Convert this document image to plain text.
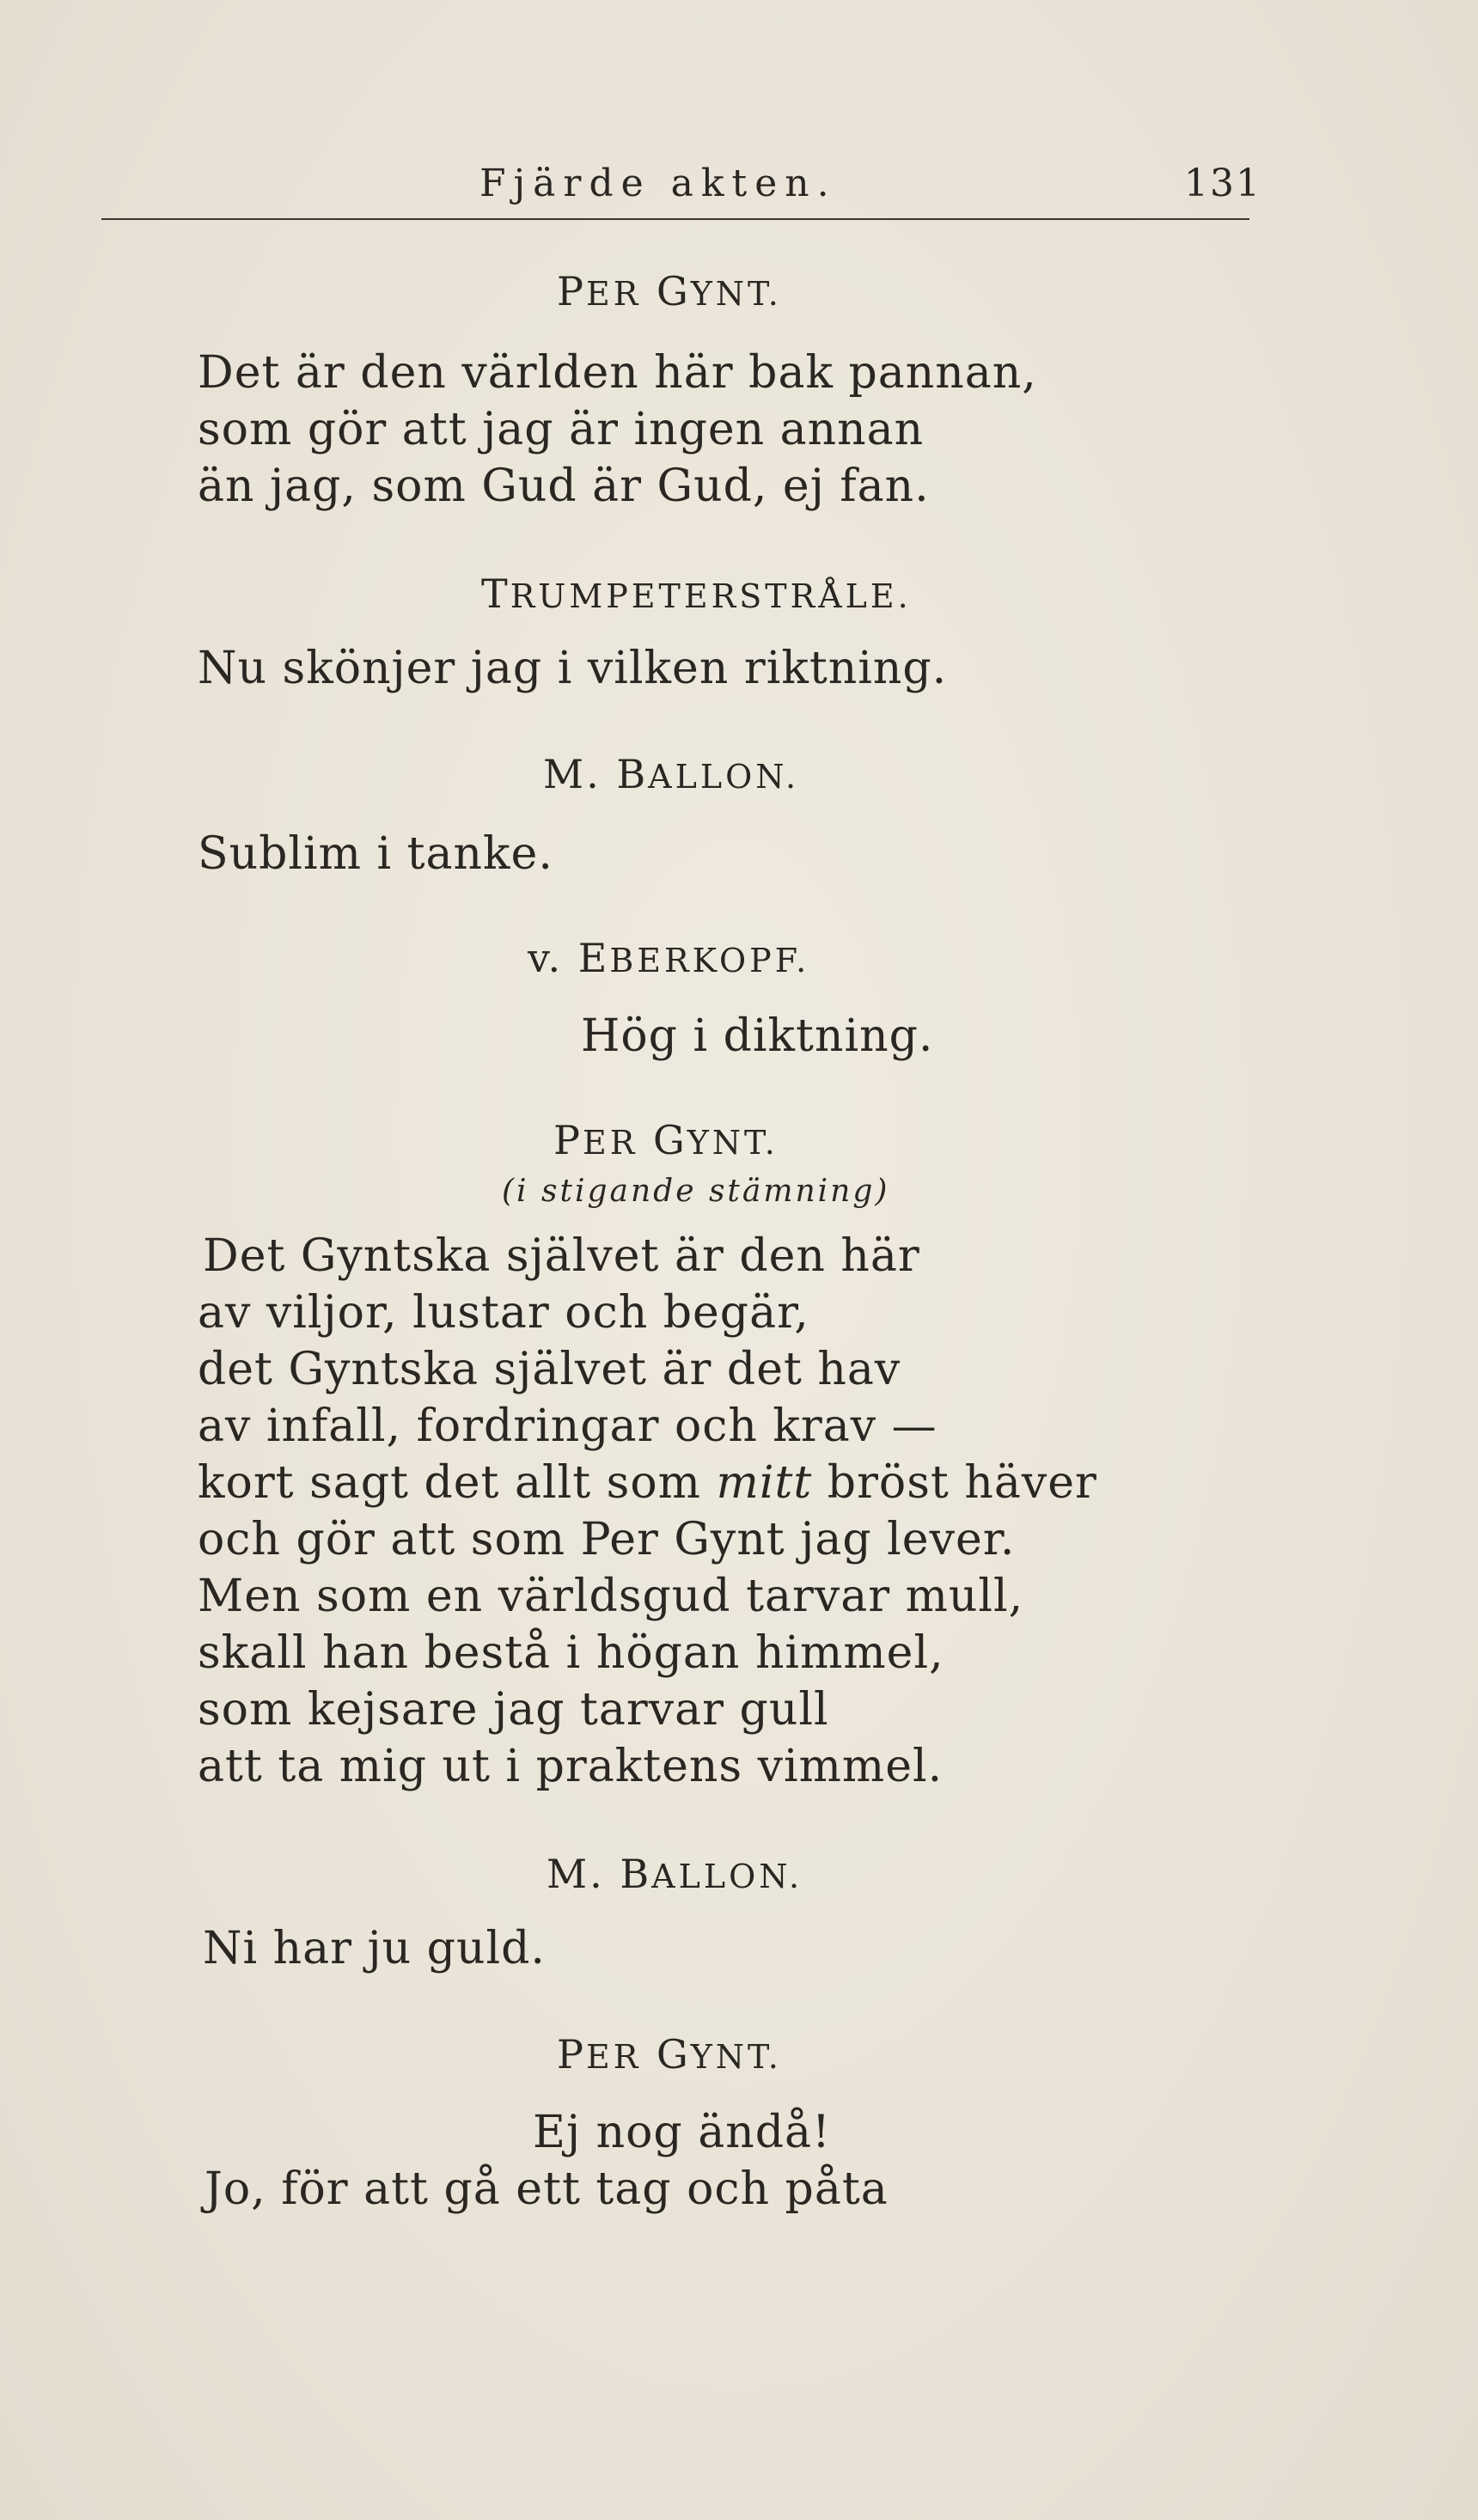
Fjärde akten.	131
PER GYNT.
Det är den världen här bak pannan,
som gör att jag är ingen annan
än jag, som Gud är Gud, ej fan.
TRUMPETERSTRÅLE.
Nu skönjer jag i vilken riktning.
M. BALLON.
Sublim i tanke.
v. EBERKOPF.
Hög i diktning.
PER GYNT.
(i stigande stämning)
Det Gyntska självet är den här
av viljor, lustar och begär,
det Gyntska självet är det hav
av infall, fordringar och krav —
kort sagt det allt som mitt bröst häver
och gör att som Per Gynt jag lever.
Men som en världsgud tarvar mull,
skall han bestå i högan himmel,
som kejsare jag tarvar gull
att ta mig ut i praktens vimmel.
M. BALLON.
Ni har ju guld.
PER GYNT.
Ej nog ändå!
Jo, för att gå ett tag och påta
